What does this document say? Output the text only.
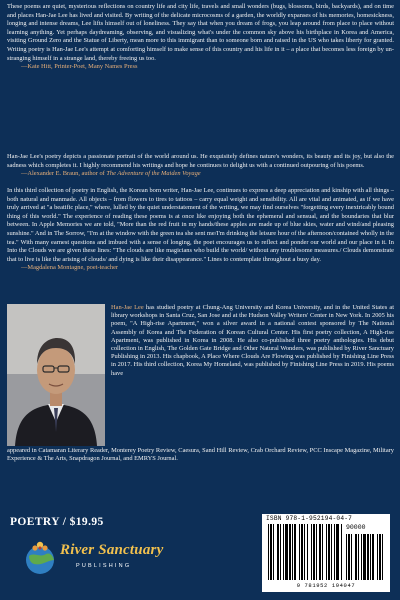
These poems are quiet, mysterious reflections on country life and city life, travels and small wonders (bugs, blossoms, birds, backyards), and on time and places Han-Jae Lee has lived and visited. By writing of the delicate microcosms of a garden, the worldly expanses of his memories, homesickness, longing and intense dreams, Lee lifts himself out of loneliness. They say that when you dream of frogs, you leap around from place to place without learning anything. Yet perhaps daydreaming, observing, and visualizing what's under the common sky above his birthplace in Korea and America, visiting Ground Zero and the Statue of Liberty, mean more to this immigrant than to someone born and raised in the US who takes liberty for granted. Writing poetry is Han-Jae Lee's attempt at comforting himself to make sense of this country and his life in it – a place that becomes less foreign by un-stranging himself in a strange land, thereby freeing us too.

—Kate Hitt, Printer-Poet, Many Names Press

Han-Jae Lee's poetry depicts a passionate portrait of the world around us. He exquisitely defines nature's wonders, its beauty and its joy, but also the sadness which completes it. I highly recommend his writings and hope he continues to delight us with a continued outpouring of his poems.

—Alexander E. Braun, author of The Adventure of the Maiden Voyage

In this third collection of poetry in English, the Korean born writer, Han-Jae Lee, continues to express a deep appreciation and kinship with all things – both natural and manmade. All objects – from flowers to tires to tattoos – carry equal weight and sensibility. All are vital and animated, as if we have truly arrived at "a beatific place," where, lulled by the quiet understatement of the writing, we may find ourselves "forgetting every inextricably bound thing of this world." The experience of reading these poems is at once like enjoying both the ephemeral and sensual, and the boundaries that blur between. In Apple Memories we are told, "More than the red fruit in my hands/these apples are made up of blue skies, water and wind/and pleasing sunshine." And in The Sorrow, "I'm at the window with the green tea she sent me/I'm drinking the leisure hour of the afternoon/contained wholly in the tea." With many earnest questions and imbued with a sense of longing, the poet encourages us to reflect and ponder our world and our place in it. In Into the Clouds we are given these lines: "The clouds are like magicians who build the world/ without any troublesome measures./ Clouds demonstrate that to live is like the arising of clouds/ and dying is like their disappearance." Lines to contemplate throughout a busy day.

—Magdalena Montagne, poet-teacher
Han-Jae Lee has studied poetry at Chung-Ang University and Korea University, and in the United States at library workshops in Santa Cruz, San Jose and at the Hudson Valley Writers' Center in New York. In 2005 his poem, "A High-rise Apartment," won a silver award in a national contest sponsored by The National Assembly of Korea and The Federation of Korean Cultural Center. His first poetry collection, A High-rise Apartment, was published in Korea in 2008. He also co-published three poetry anthologies. His debut collection in English, The Golden Gate Bridge and Other Natural Wonders, was published by River Sanctuary Publishing in 2013. His chapbook, A Place Where Clouds Are Flowing was published by Finishing Line Press in 2017. His third collection, Korea My Homeland, was published by Finishing Line Press in 2019. His poems have
appeared in Catamaran Literary Reader, Monterey Poetry Review, Caesura, Sand Hill Review, Crab Orchard Review, PCC Inscape Magazine, Military Experience & The Arts, Snapdragon Journal, and EMRYS Journal.
POETRY / $19.95
River Sanctuary
PUBLISHING
ISBN 978-1-952194-04-7
90000
9 781952 194047
